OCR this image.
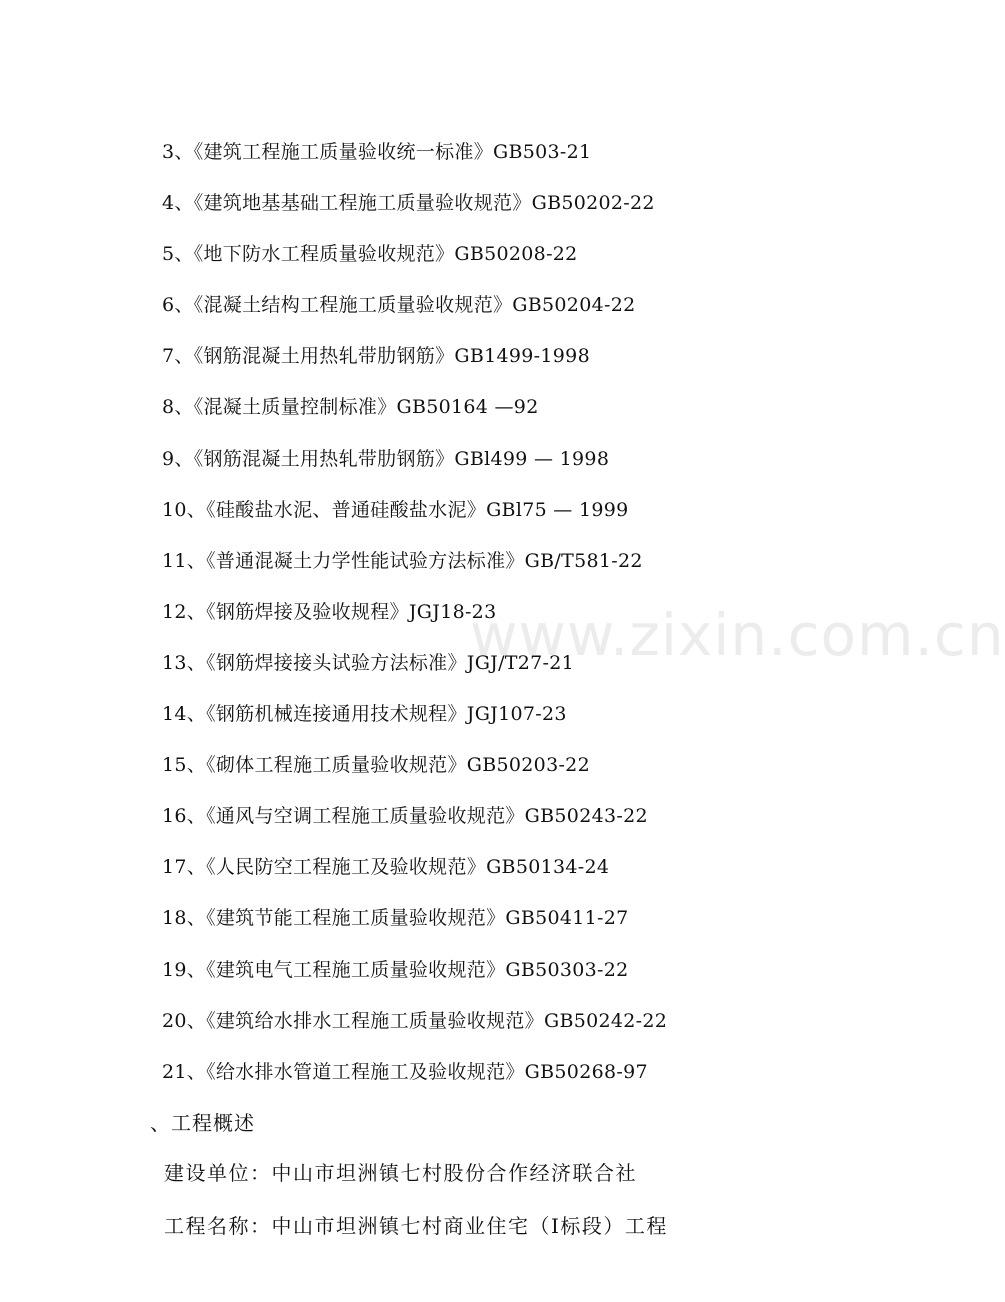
3、《建筑工程施工质量验收统一标准》GB503-21
4、《建筑地基基础工程施工质量验收规范》GB50202-22
5、《地下防水工程质量验收规范》GB50208-22
6、《混凝土结构工程施工质量验收规范》GB50204-22
7、《钢筋混凝土用热轧带肋钢筋》GB1499-1998
8、《混凝土质量控制标准》GB50164 —92
9、《钢筋混凝土用热轧带肋钢筋》GBl499 — 1998
10、《硅酸盐水泥、普通硅酸盐水泥》GBl75 — 1999
11、《普通混凝土力学性能试验方法标准》GB/T581-22
12、《钢筋焊接及验收规程》JGJ18-23
13、《钢筋焊接接头试验方法标准》JGJ/T27-21
14、《钢筋机械连接通用技术规程》JGJ107-23
15、《砌体工程施工质量验收规范》GB50203-22
16、《通风与空调工程施工质量验收规范》GB50243-22
17、《人民防空工程施工及验收规范》GB50134-24
18、《建筑节能工程施工质量验收规范》GB50411-27
19、《建筑电气工程施工质量验收规范》GB50303-22
20、《建筑给水排水工程施工质量验收规范》GB50242-22
21、《给水排水管道工程施工及验收规范》GB50268-97
、工程概述
建设单位：中山市坦洲镇七村股份合作经济联合社
工程名称：中山市坦洲镇七村商业住宅（Ⅰ标段）工程
www.zixin.com.cn
